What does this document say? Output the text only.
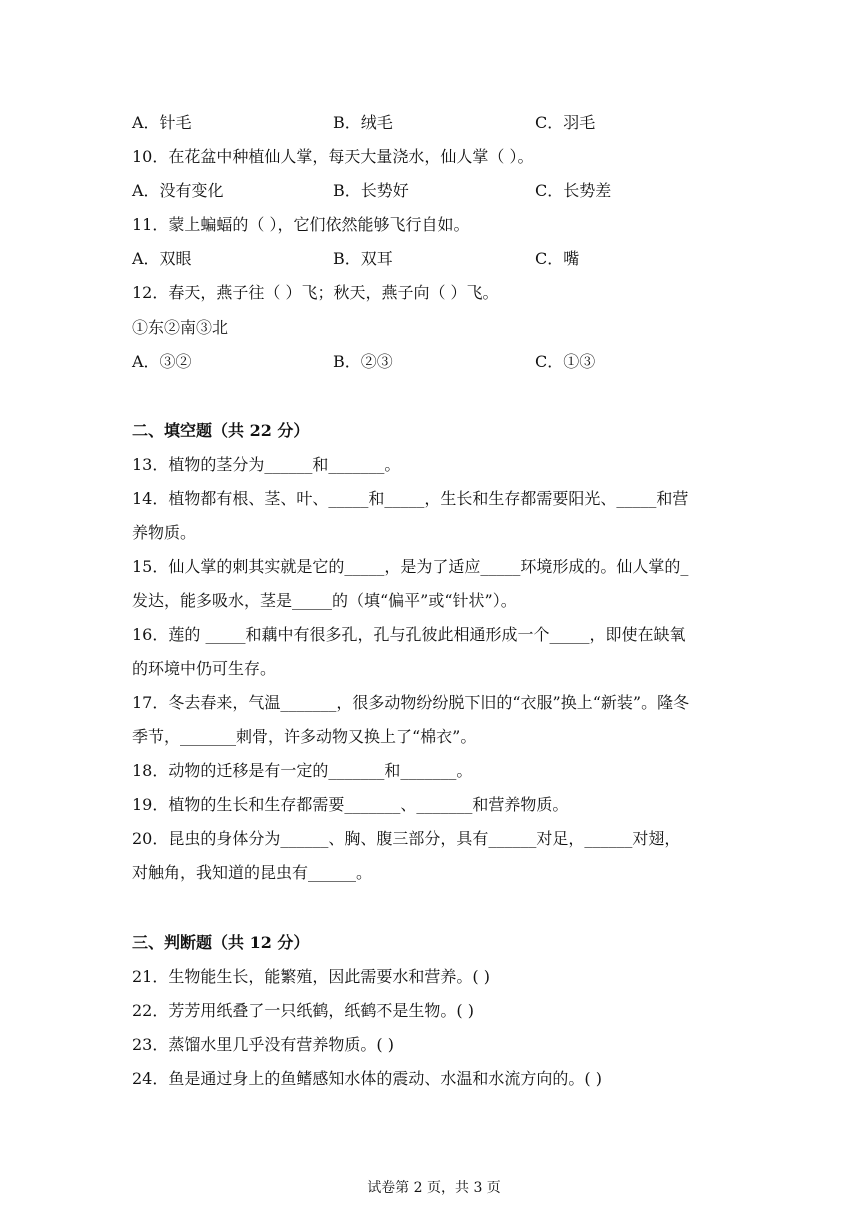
A．针毛	B．绒毛	C．羽毛
10．在花盆中种植仙人掌，每天大量浇水，仙人掌（ ）。
A．没有变化	B．长势好	C．长势差
11．蒙上蝙蝠的（ ），它们依然能够飞行自如。
A．双眼	B．双耳	C．嘴
12．春天，燕子往（ ）飞；秋天，燕子向（ ）飞。
①东②南③北
A．③②	B．②③	C．①③
二、填空题（共 22 分）
13．植物的茎分为______和_______。
14．植物都有根、茎、叶、_____和_____，生长和生存都需要阳光、_____和营
养物质。
15．仙人掌的刺其实就是它的_____，是为了适应_____环境形成的。仙人掌的_
发达，能多吸水，茎是_____的（填“偏平”或“针状”）。
16．莲的 _____和藕中有很多孔，孔与孔彼此相通形成一个_____，即使在缺氧
的环境中仍可生存。
17．冬去春来，气温_______，很多动物纷纷脱下旧的“衣服”换上“新装”。隆冬
季节，_______刺骨，许多动物又换上了“棉衣”。
18．动物的迁移是有一定的_______和_______。
19．植物的生长和生存都需要_______、_______和营养物质。
20．昆虫的身体分为______、胸、腹三部分，具有______对足，______对翅，
对触角，我知道的昆虫有______。
三、判断题（共 12 分）
21．生物能生长，能繁殖，因此需要水和营养。( )
22．芳芳用纸叠了一只纸鹤，纸鹤不是生物。( )
23．蒸馏水里几乎没有营养物质。( )
24．鱼是通过身上的鱼鳍感知水体的震动、水温和水流方向的。( )
试卷第 2 页，共 3 页
